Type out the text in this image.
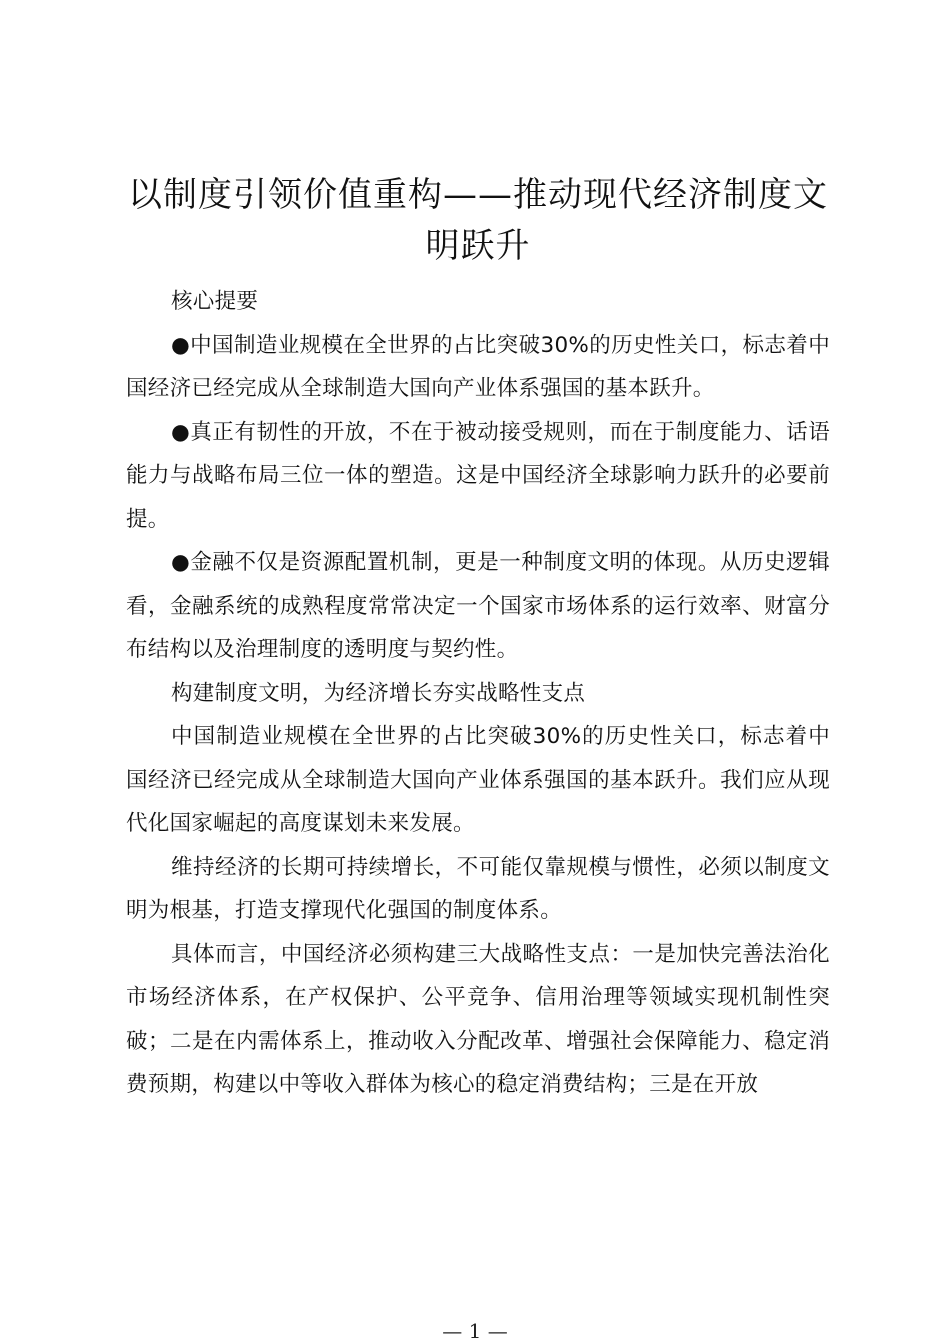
以制度引领价值重构——推动现代经济制度文明跃升

核心提要

●中国制造业规模在全世界的占比突破30%的历史性关口，标志着中国经济已经完成从全球制造大国向产业体系强国的基本跃升。

●真正有韧性的开放，不在于被动接受规则，而在于制度能力、话语能力与战略布局三位一体的塑造。这是中国经济全球影响力跃升的必要前提。

●金融不仅是资源配置机制，更是一种制度文明的体现。从历史逻辑看，金融系统的成熟程度常常决定一个国家市场体系的运行效率、财富分布结构以及治理制度的透明度与契约性。

构建制度文明，为经济增长夯实战略性支点

中国制造业规模在全世界的占比突破30%的历史性关口，标志着中国经济已经完成从全球制造大国向产业体系强国的基本跃升。我们应从现代化国家崛起的高度谋划未来发展。

维持经济的长期可持续增长，不可能仅靠规模与惯性，必须以制度文明为根基，打造支撑现代化强国的制度体系。

具体而言，中国经济必须构建三大战略性支点：一是加快完善法治化市场经济体系，在产权保护、公平竞争、信用治理等领域实现机制性突破；二是在内需体系上，推动收入分配改革、增强社会保障能力、稳定消费预期，构建以中等收入群体为核心的稳定消费结构；三是在开放

— 1 —
